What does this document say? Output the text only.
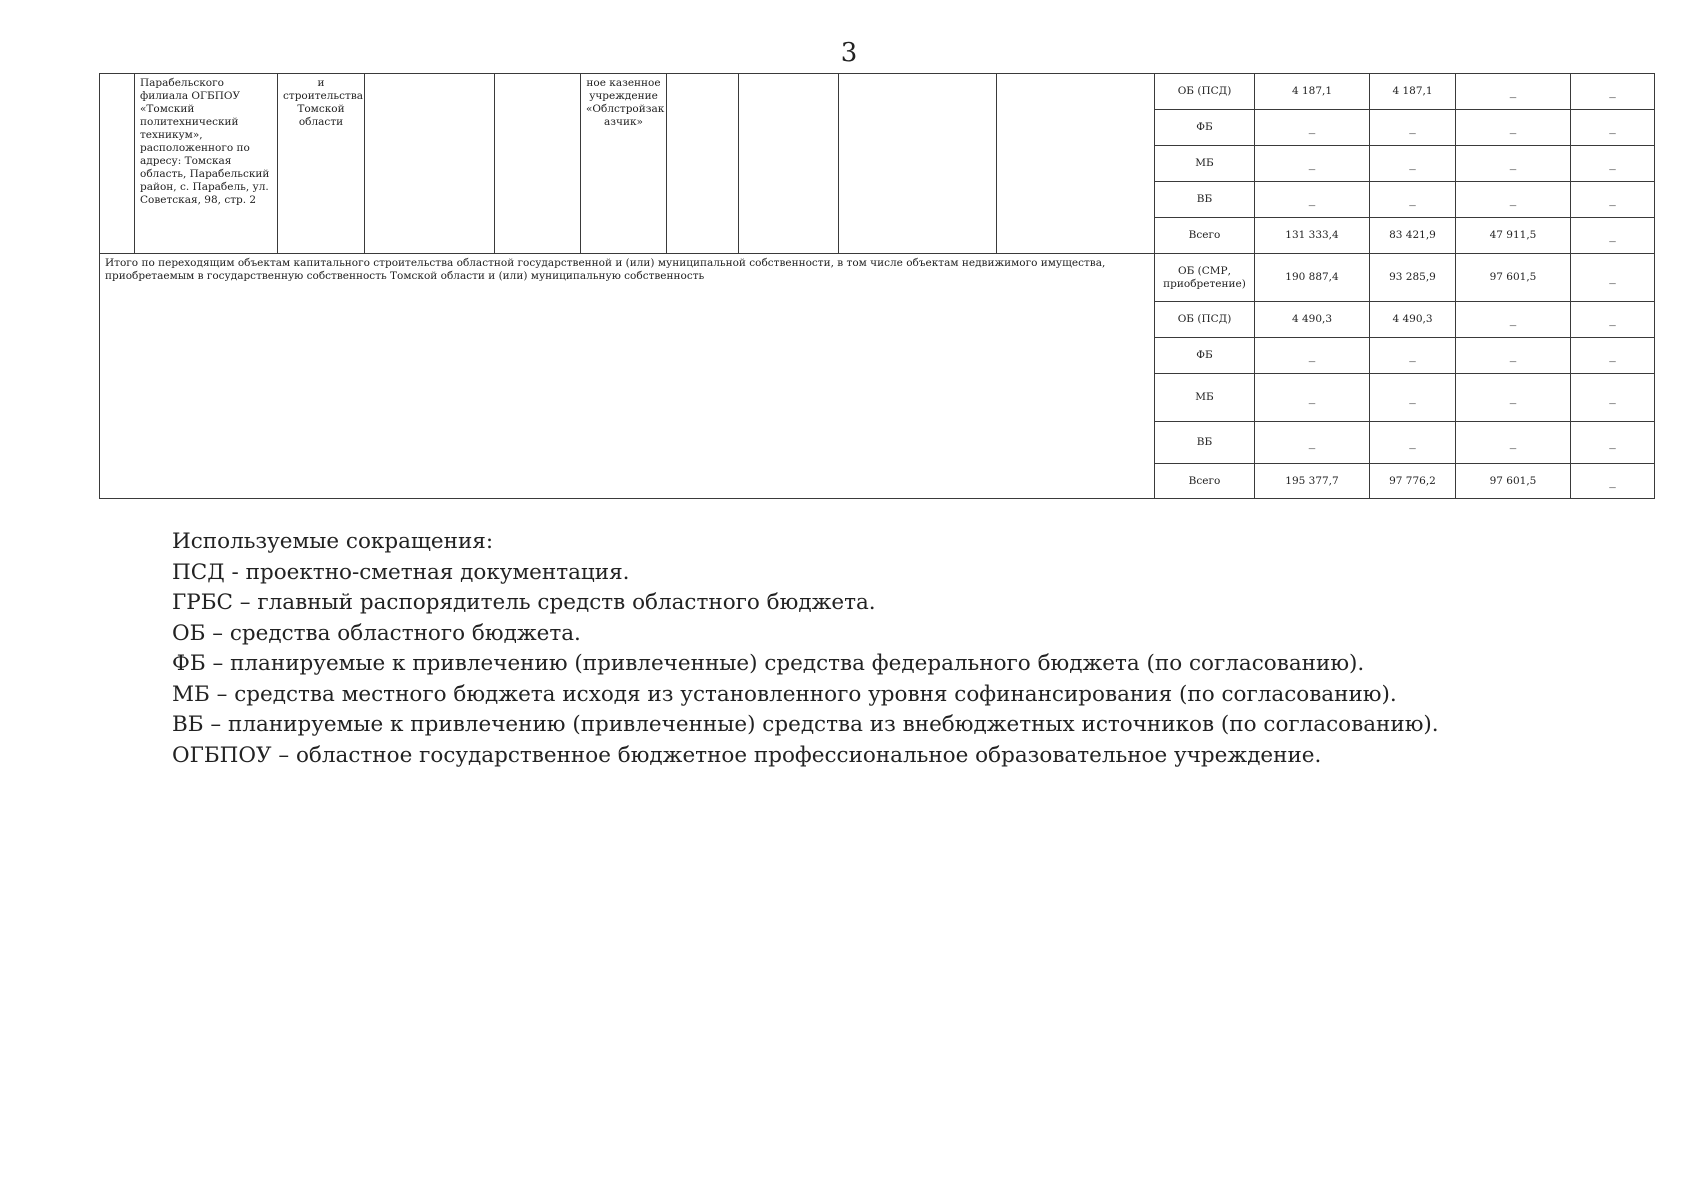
3
	Парабельского филиала ОГБПОУ «Томский политехнический техникум», расположенного по адресу: Томская область, Парабельский район, с. Парабель, ул. Советская, 98, стр. 2	и строительства Томской области			ное казенное учреждение «Облстройзак азчик»					ОБ (ПСД)	4 187,1	4 187,1	_	_
										ФБ	_	_	_	_
										МБ	_	_	_	_
										ВБ	_	_	_	_
										Всего	131 333,4	83 421,9	47 911,5	_
Итого по переходящим объектам капитального строительства областной государственной и (или) муниципальной собственности, в том числе объектам недвижимого имущества, приобретаемым в государственную собственность Томской области и (или) муниципальную собственность										ОБ (СМР, приобретение)	190 887,4	93 285,9	97 601,5	_
										ОБ (ПСД)	4 490,3	4 490,3	_	_
										ФБ	_	_	_	_
										МБ	_	_	_	_
										ВБ	_	_	_	_
										Всего	195 377,7	97 776,2	97 601,5	_
Используемые сокращения:
ПСД - проектно-сметная документация.
ГРБС – главный распорядитель средств областного бюджета.
ОБ – средства областного бюджета.
ФБ – планируемые к привлечению (привлеченные) средства федерального бюджета (по согласованию).
МБ – средства местного бюджета исходя из установленного уровня софинансирования (по согласованию).
ВБ – планируемые к привлечению (привлеченные) средства из внебюджетных источников (по согласованию).
ОГБПОУ – областное государственное бюджетное профессиональное образовательное учреждение.
